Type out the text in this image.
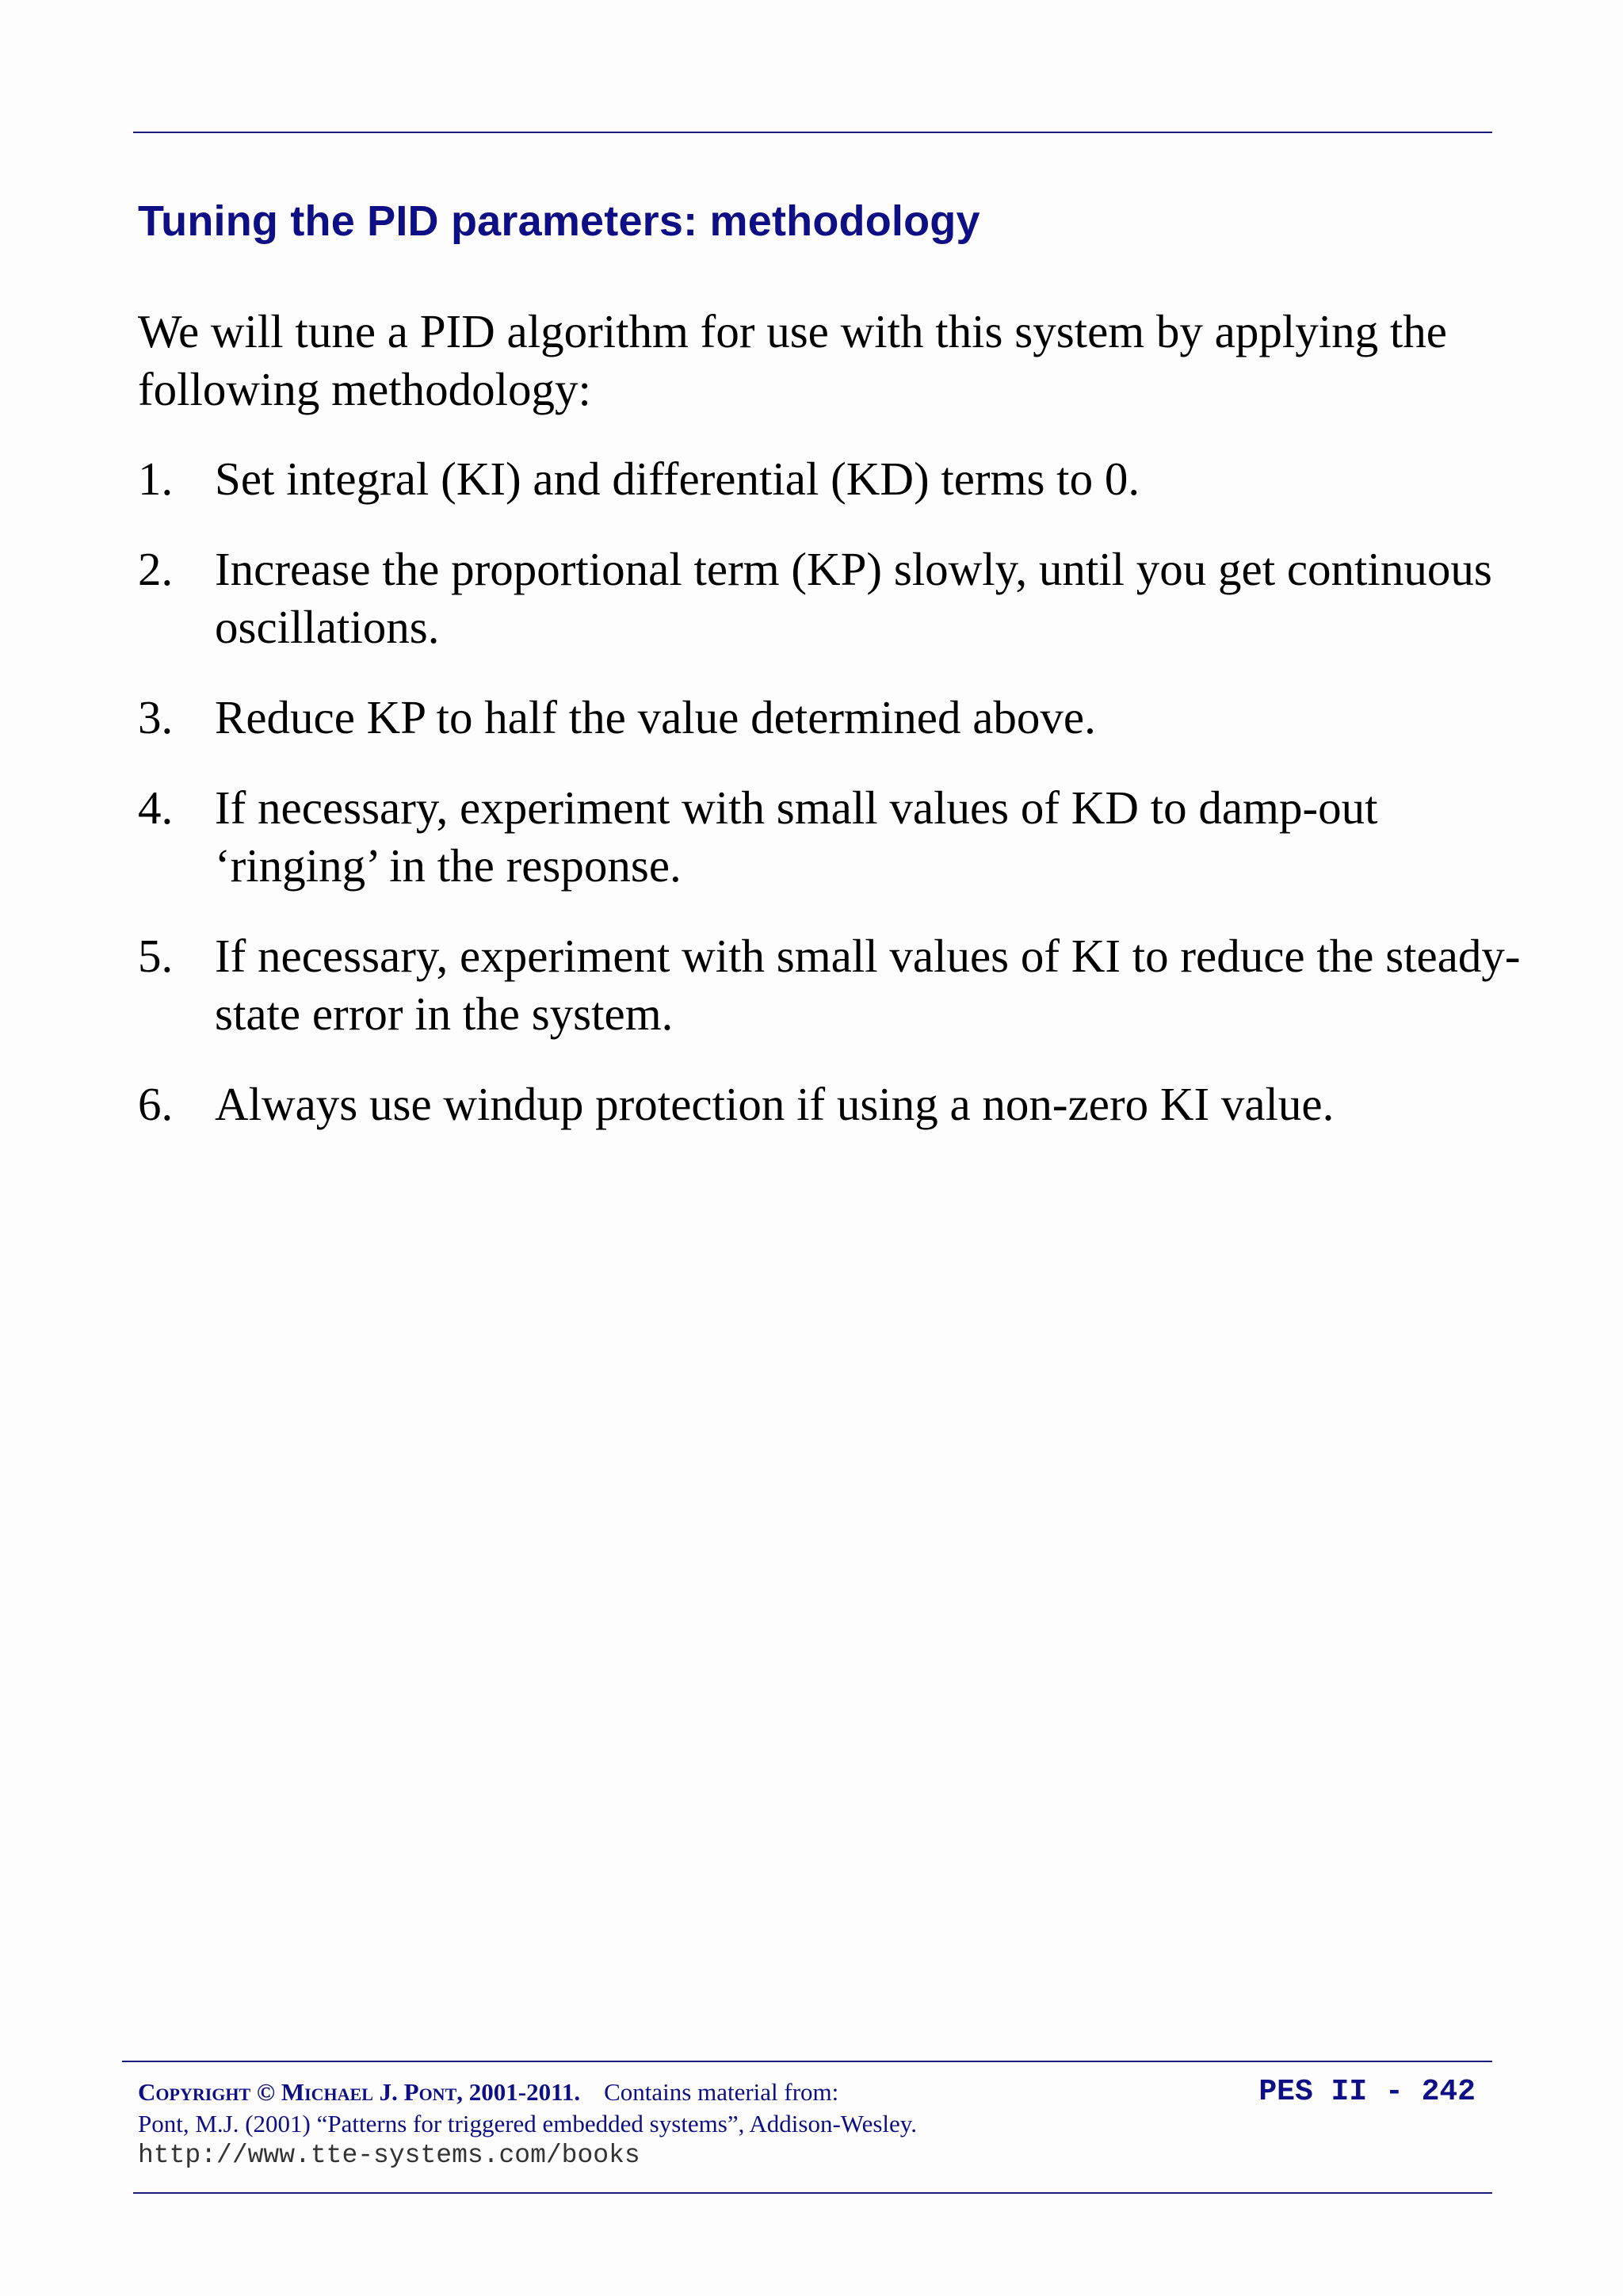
Tuning the PID parameters: methodology

We will tune a PID algorithm for use with this system by applying the following methodology:

1. Set integral (KI) and differential (KD) terms to 0.
2. Increase the proportional term (KP) slowly, until you get continuous oscillations.
3. Reduce KP to half the value determined above.
4. If necessary, experiment with small values of KD to damp-out ‘ringing’ in the response.
5. If necessary, experiment with small values of KI to reduce the steady-state error in the system.
6. Always use windup protection if using a non-zero KI value.
Copyright © Michael J. Pont, 2001-2011. Contains material from:
Pont, M.J. (2001) “Patterns for triggered embedded systems”, Addison-Wesley.
http://www.tte-systems.com/books
PES II - 242
